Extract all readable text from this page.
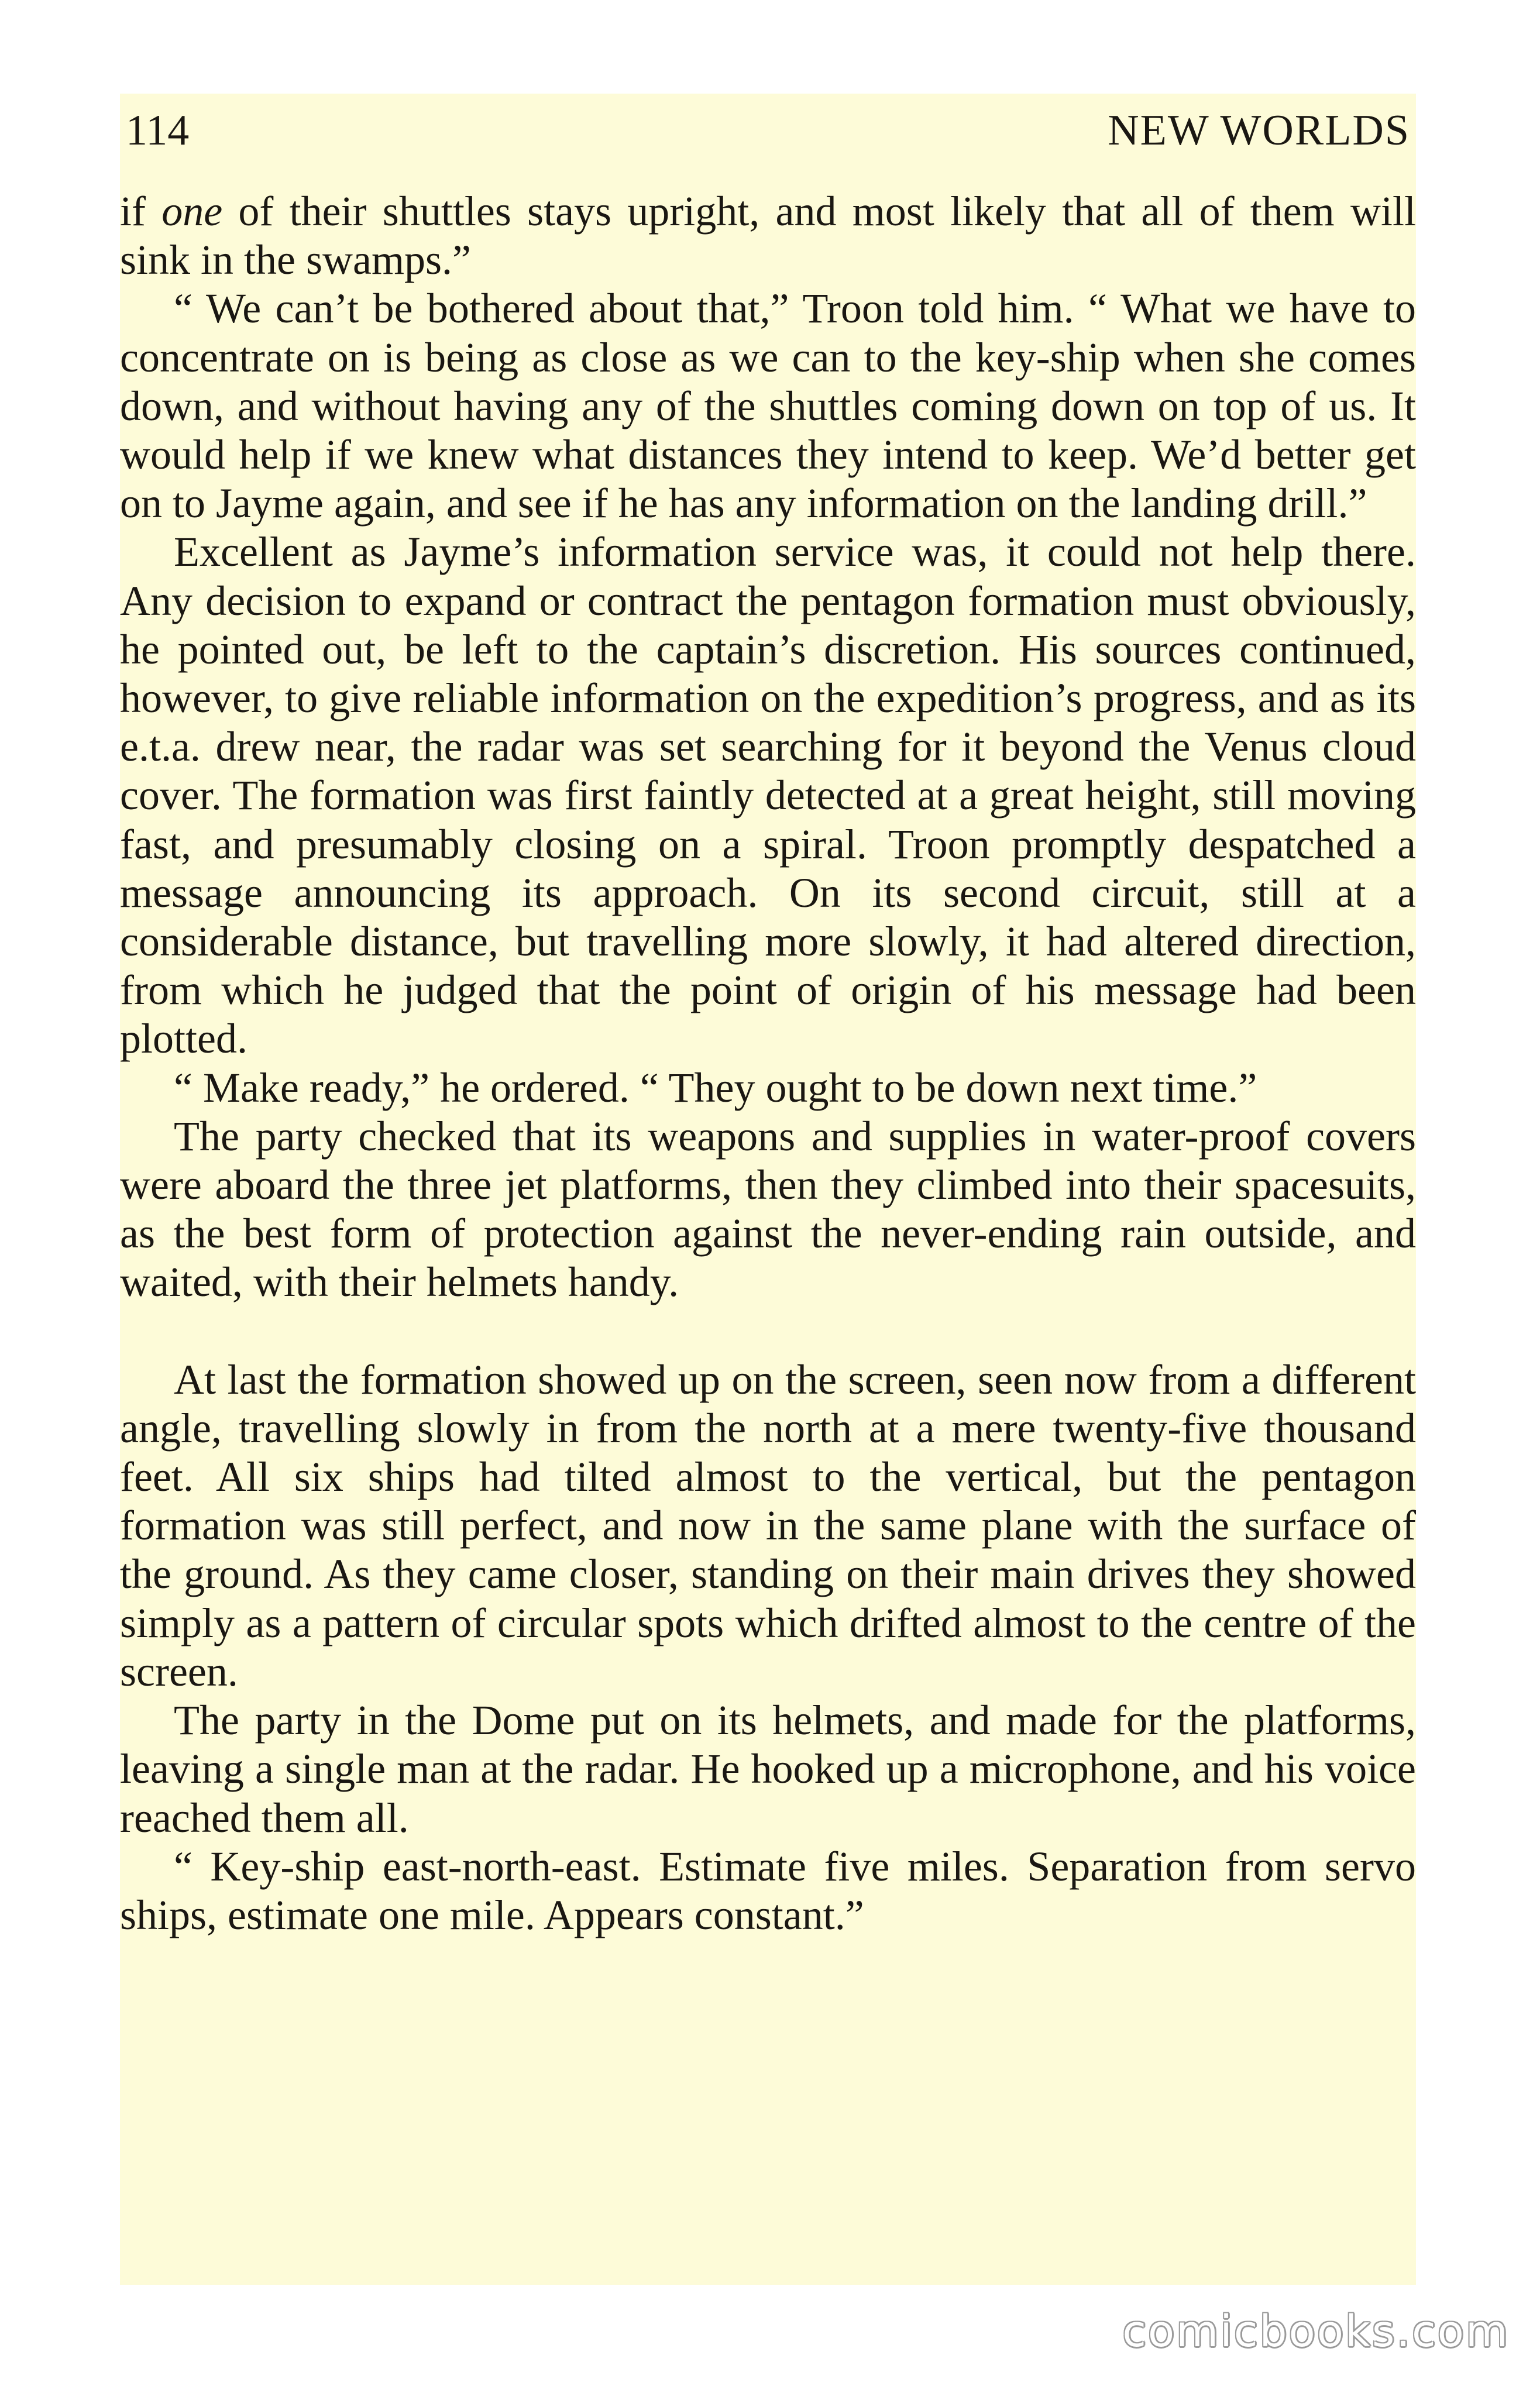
114	NEW WORLDS

if one of their shuttles stays upright, and most likely that all of them will sink in the swamps.”

“ We can’t be bothered about that,” Troon told him. “ What we have to concentrate on is being as close as we can to the key-ship when she comes down, and without having any of the shuttles coming down on top of us. It would help if we knew what distances they intend to keep. We’d better get on to Jayme again, and see if he has any information on the landing drill.”

Excellent as Jayme’s information service was, it could not help there. Any decision to expand or contract the pentagon formation must obviously, he pointed out, be left to the captain’s discretion. His sources continued, however, to give reliable information on the expedition’s progress, and as its e.t.a. drew near, the radar was set searching for it beyond the Venus cloud cover. The formation was first faintly detected at a great height, still moving fast, and presumably closing on a spiral. Troon promptly despatched a message announcing its approach. On its second circuit, still at a considerable distance, but travelling more slowly, it had altered direction, from which he judged that the point of origin of his message had been plotted.

“ Make ready,” he ordered. “ They ought to be down next time.”

The party checked that its weapons and supplies in water-proof covers were aboard the three jet platforms, then they climbed into their spacesuits, as the best form of protection against the never-ending rain outside, and waited, with their helmets handy.

At last the formation showed up on the screen, seen now from a different angle, travelling slowly in from the north at a mere twenty-five thousand feet. All six ships had tilted almost to the vertical, but the pentagon formation was still perfect, and now in the same plane with the surface of the ground. As they came closer, standing on their main drives they showed simply as a pattern of circular spots which drifted almost to the centre of the screen.

The party in the Dome put on its helmets, and made for the platforms, leaving a single man at the radar. He hooked up a microphone, and his voice reached them all.

“ Key-ship east-north-east. Estimate five miles. Separation from servo ships, estimate one mile. Appears constant.”

comicbooks.com
